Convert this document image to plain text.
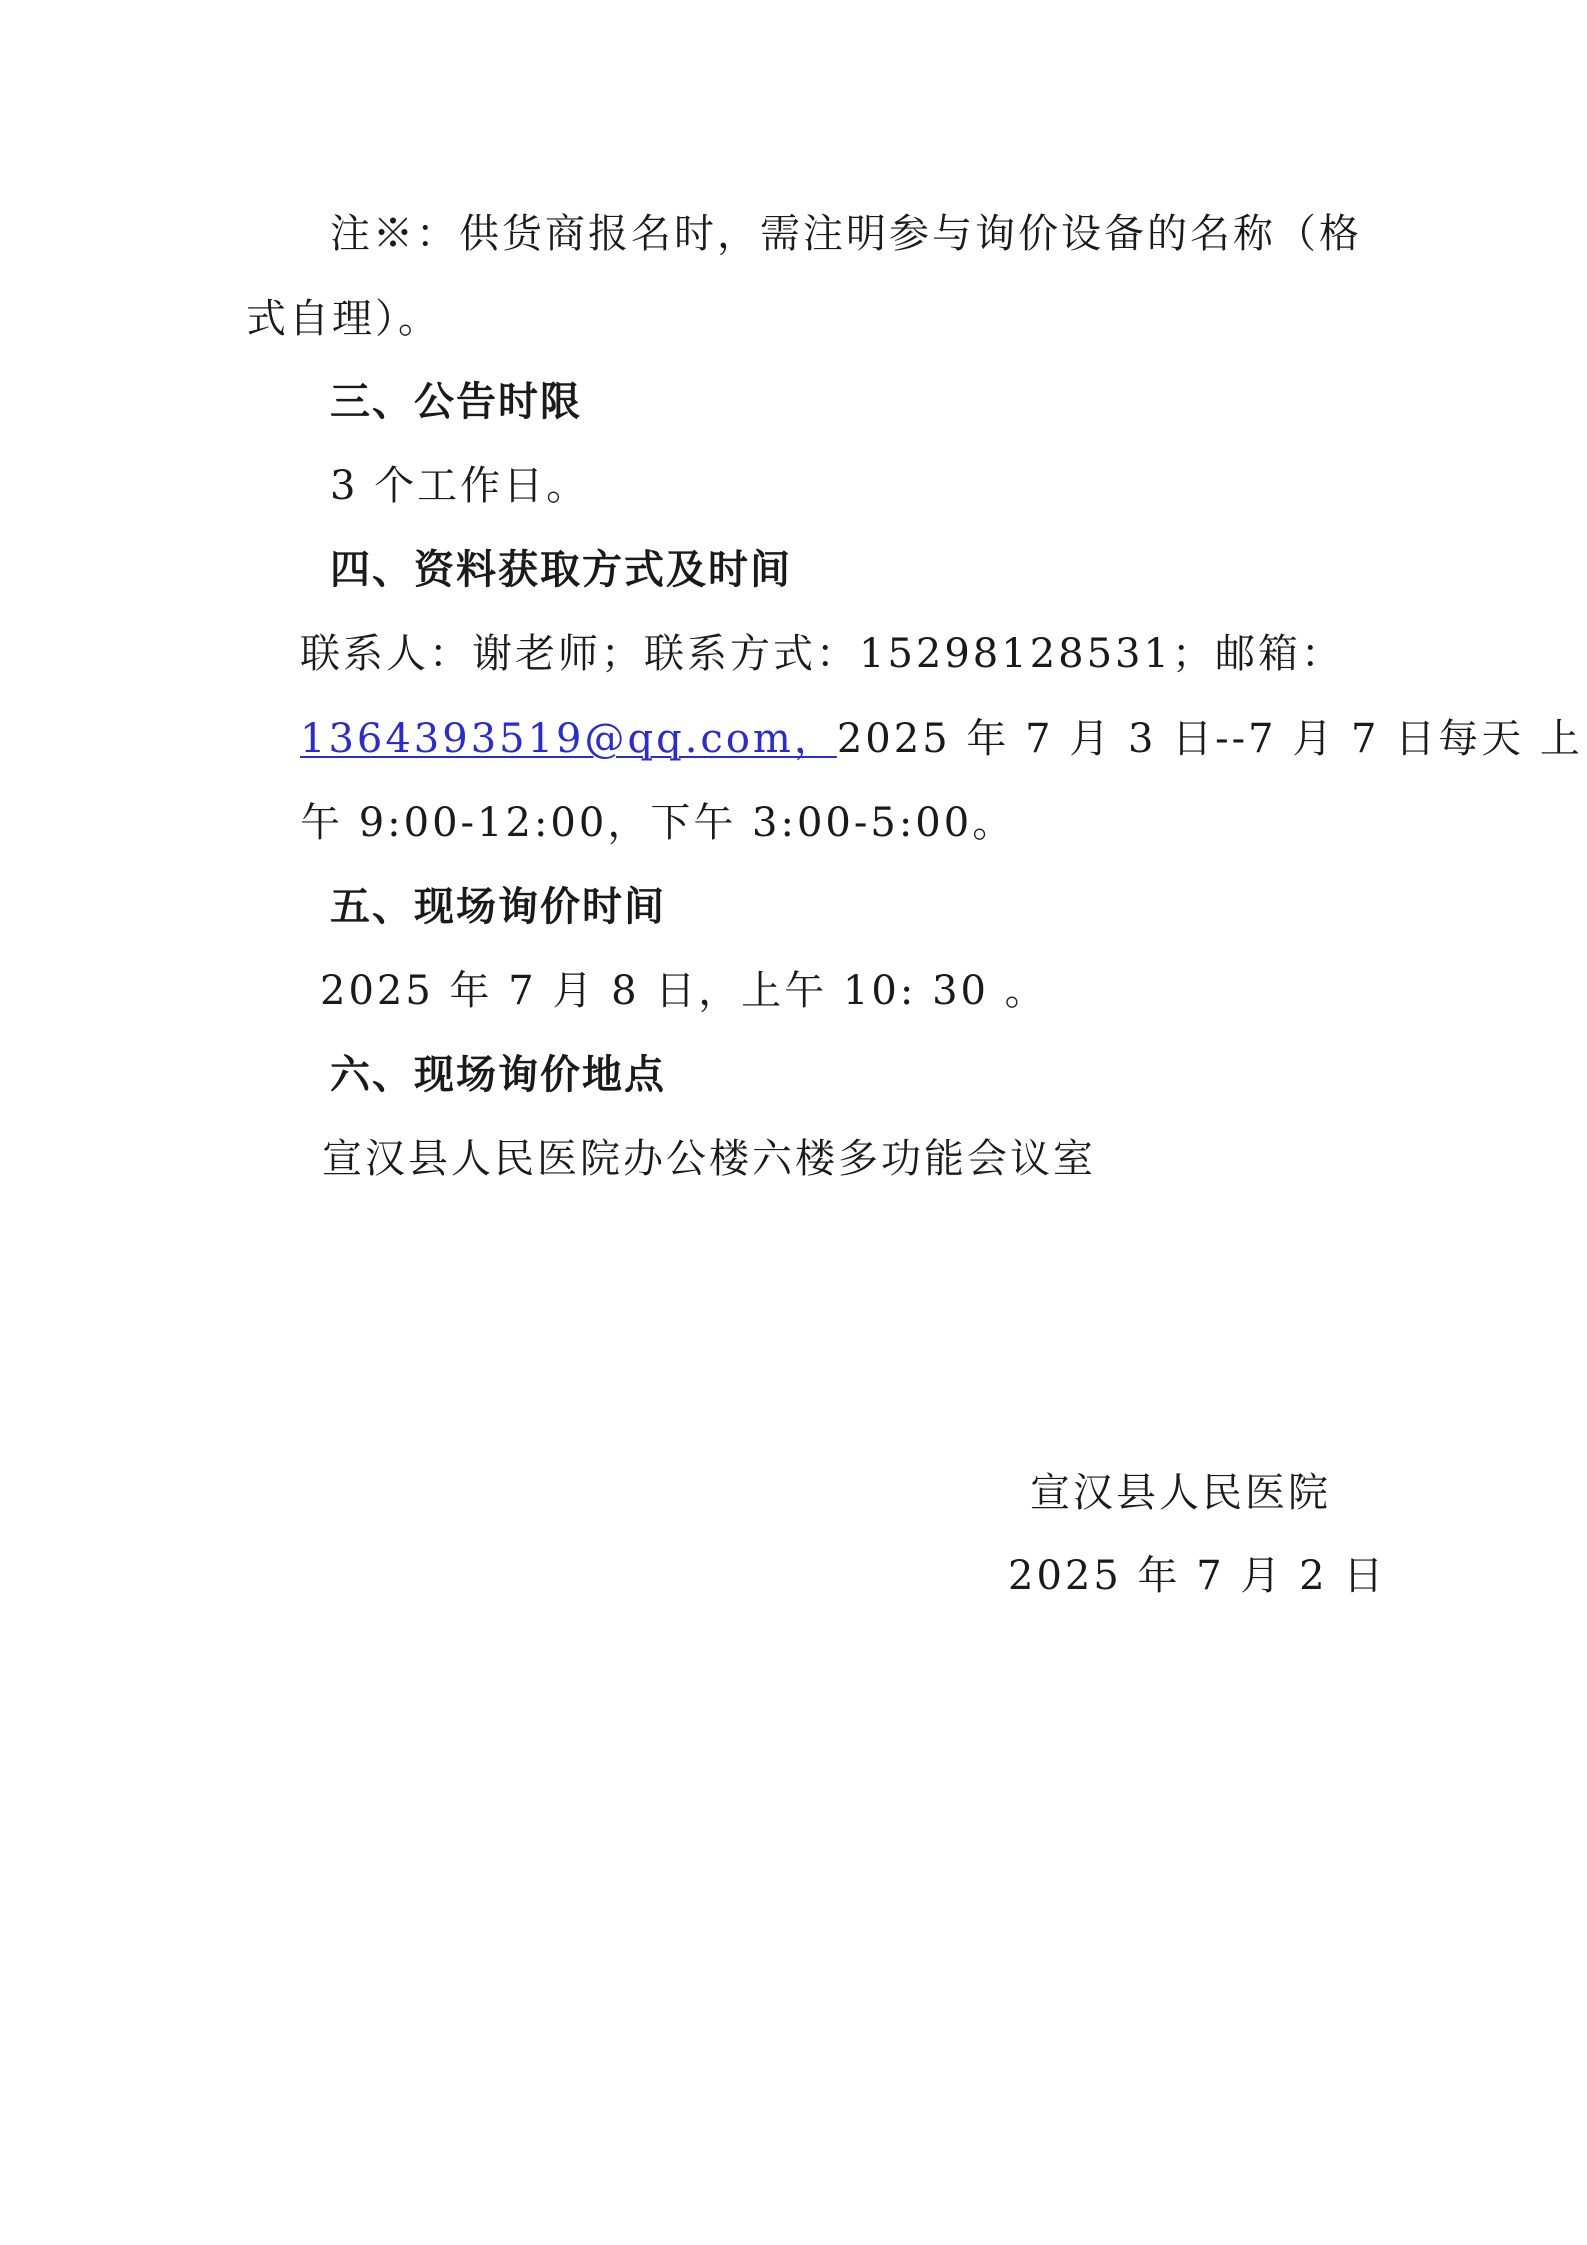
注※：供货商报名时，需注明参与询价设备的名称（格
式自理）。
三、公告时限
3 个工作日。
四、资料获取方式及时间
联系人：谢老师；联系方式：15298128531；邮箱：
1364393519@qq.com，2025 年 7 月 3 日--7 月 7 日每天 上
午 9:00-12:00，下午 3:00-5:00。
五、现场询价时间
2025 年 7 月 8 日，上午 10: 30 。
六、现场询价地点
宣汉县人民医院办公楼六楼多功能会议室
宣汉县人民医院
2025 年 7 月 2 日
